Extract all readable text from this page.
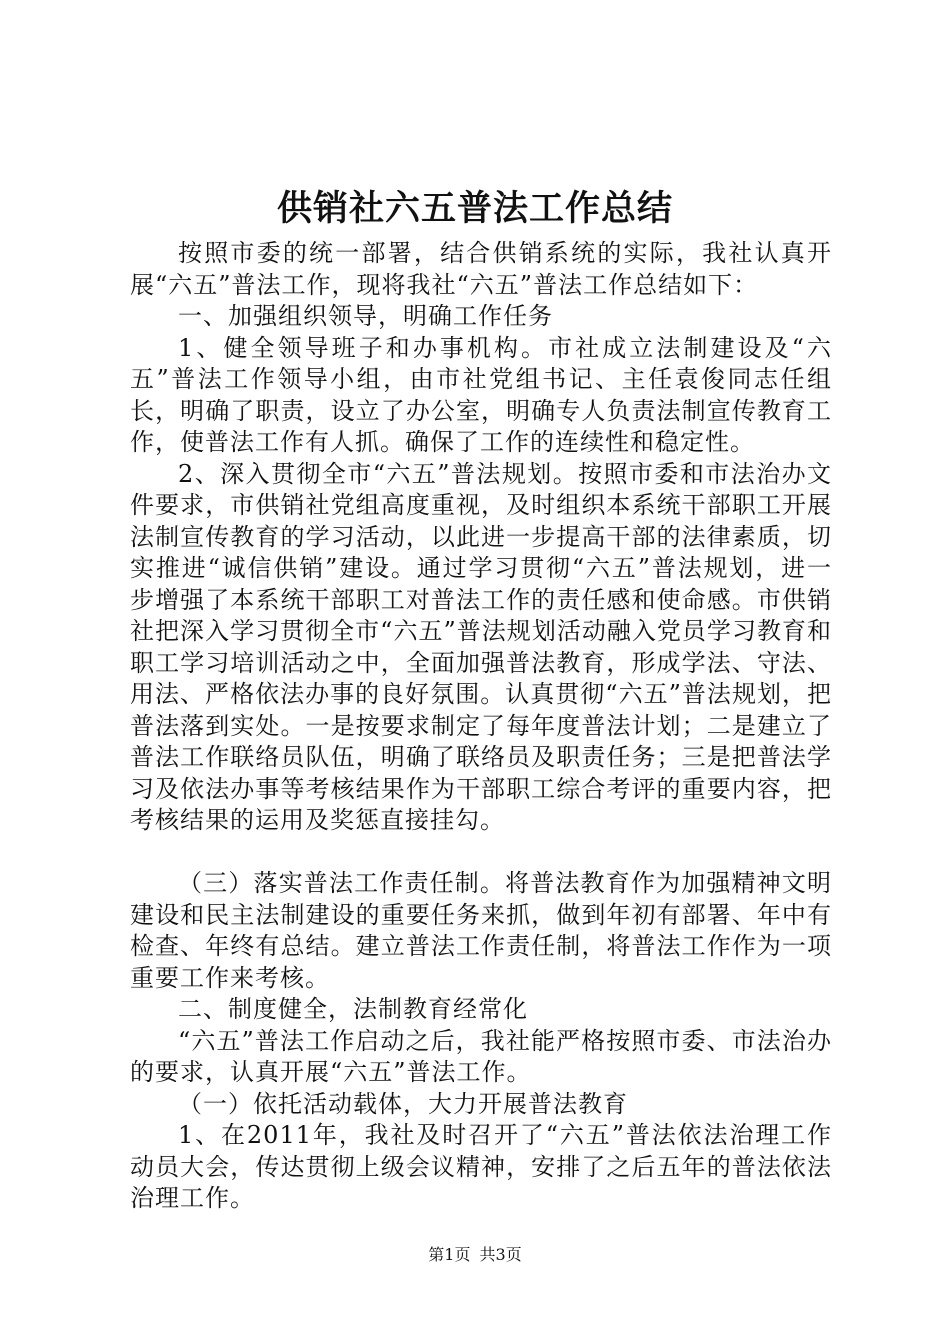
供销社六五普法工作总结

按照市委的统一部署，结合供销系统的实际，我社认真开展“六五”普法工作，现将我社“六五”普法工作总结如下：

一、加强组织领导，明确工作任务

1、健全领导班子和办事机构。市社成立法制建设及“六五”普法工作领导小组，由市社党组书记、主任袁俊同志任组长，明确了职责，设立了办公室，明确专人负责法制宣传教育工作，使普法工作有人抓。确保了工作的连续性和稳定性。

2、深入贯彻全市“六五”普法规划。按照市委和市法治办文件要求，市供销社党组高度重视，及时组织本系统干部职工开展法制宣传教育的学习活动，以此进一步提高干部的法律素质，切实推进“诚信供销”建设。通过学习贯彻“六五”普法规划，进一步增强了本系统干部职工对普法工作的责任感和使命感。市供销社把深入学习贯彻全市“六五”普法规划活动融入党员学习教育和职工学习培训活动之中，全面加强普法教育，形成学法、守法、用法、严格依法办事的良好氛围。认真贯彻“六五”普法规划，把普法落到实处。一是按要求制定了每年度普法计划；二是建立了普法工作联络员队伍，明确了联络员及职责任务；三是把普法学习及依法办事等考核结果作为干部职工综合考评的重要内容，把考核结果的运用及奖惩直接挂勾。

（三）落实普法工作责任制。将普法教育作为加强精神文明建设和民主法制建设的重要任务来抓，做到年初有部署、年中有检查、年终有总结。建立普法工作责任制，将普法工作作为一项重要工作来考核。

二、制度健全，法制教育经常化

“六五”普法工作启动之后，我社能严格按照市委、市法治办的要求，认真开展“六五”普法工作。

（一）依托活动载体，大力开展普法教育

1、在2011年，我社及时召开了“六五”普法依法治理工作动员大会，传达贯彻上级会议精神，安排了之后五年的普法依法治理工作。

第1页 共3页
